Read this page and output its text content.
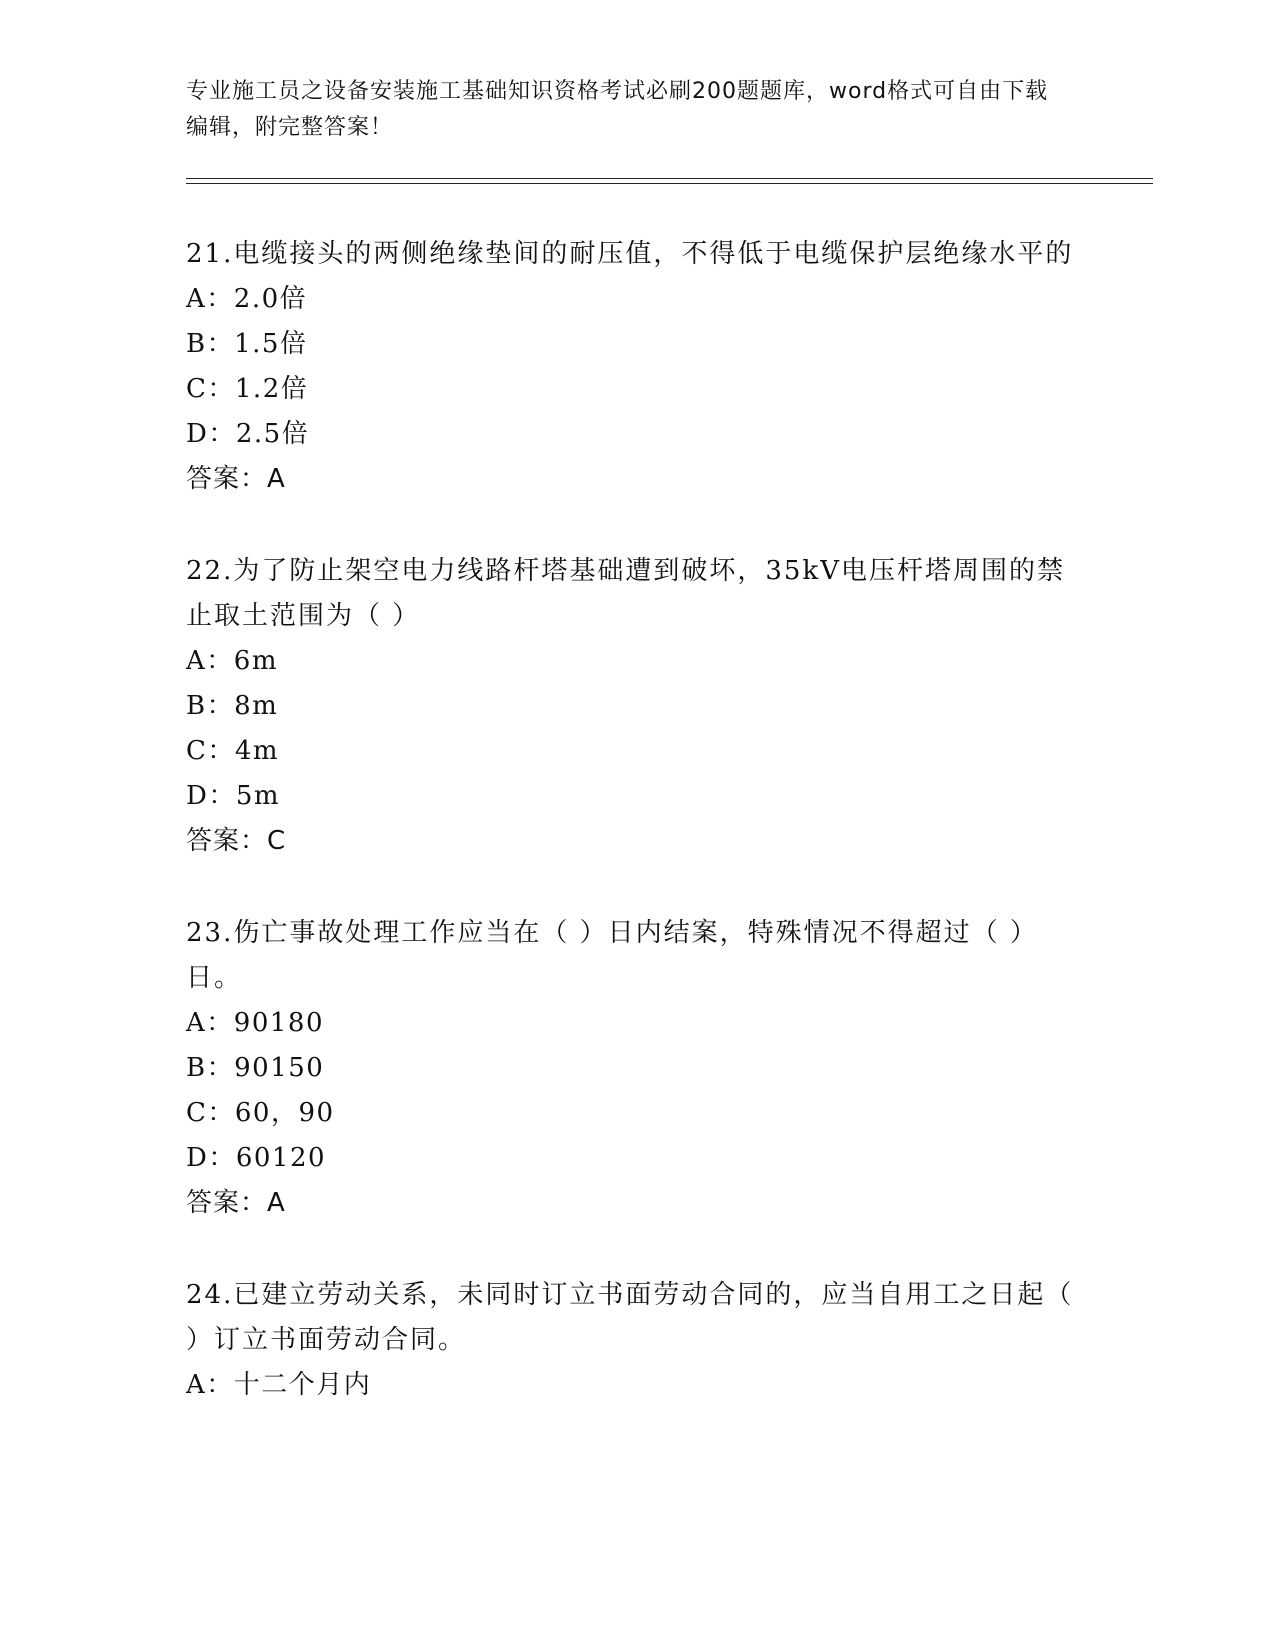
专业施工员之设备安装施工基础知识资格考试必刷200题题库，word格式可自由下载编辑，附完整答案！

21.电缆接头的两侧绝缘垫间的耐压值，不得低于电缆保护层绝缘水平的

A：2.0倍

B：1.5倍

C：1.2倍

D：2.5倍

答案：A

22.为了防止架空电力线路杆塔基础遭到破坏，35kV电压杆塔周围的禁止取土范围为（ ）

A：6m

B：8m

C：4m

D：5m

答案：C

23.伤亡事故处理工作应当在（ ）日内结案，特殊情况不得超过（ ）日。

A：90180

B：90150

C：60，90

D：60120

答案：A

24.已建立劳动关系，未同时订立书面劳动合同的，应当自用工之日起（ ）订立书面劳动合同。

A：十二个月内
